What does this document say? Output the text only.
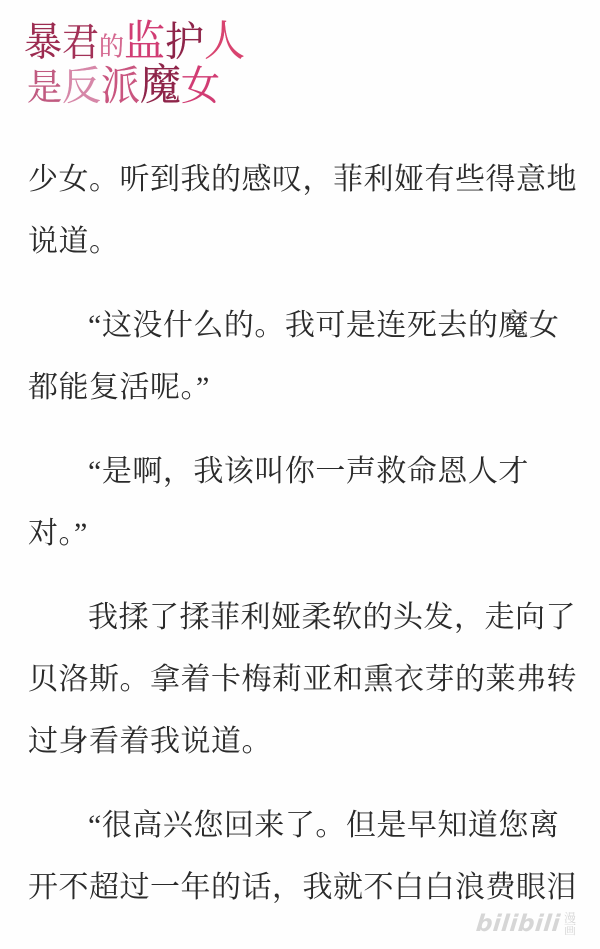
暴君的监护人
是反派魔女
少女。听到我的感叹，菲利娅有些得意地
说道。
“这没什么的。我可是连死去的魔女
都能复活呢。”
“是啊，我该叫你一声救命恩人才
对。”
我揉了揉菲利娅柔软的头发，走向了
贝洛斯。拿着卡梅莉亚和熏衣芽的莱弗转
过身看着我说道。
“很高兴您回来了。但是早知道您离
开不超过一年的话，我就不白白浪费眼泪
bilibili 漫
画
